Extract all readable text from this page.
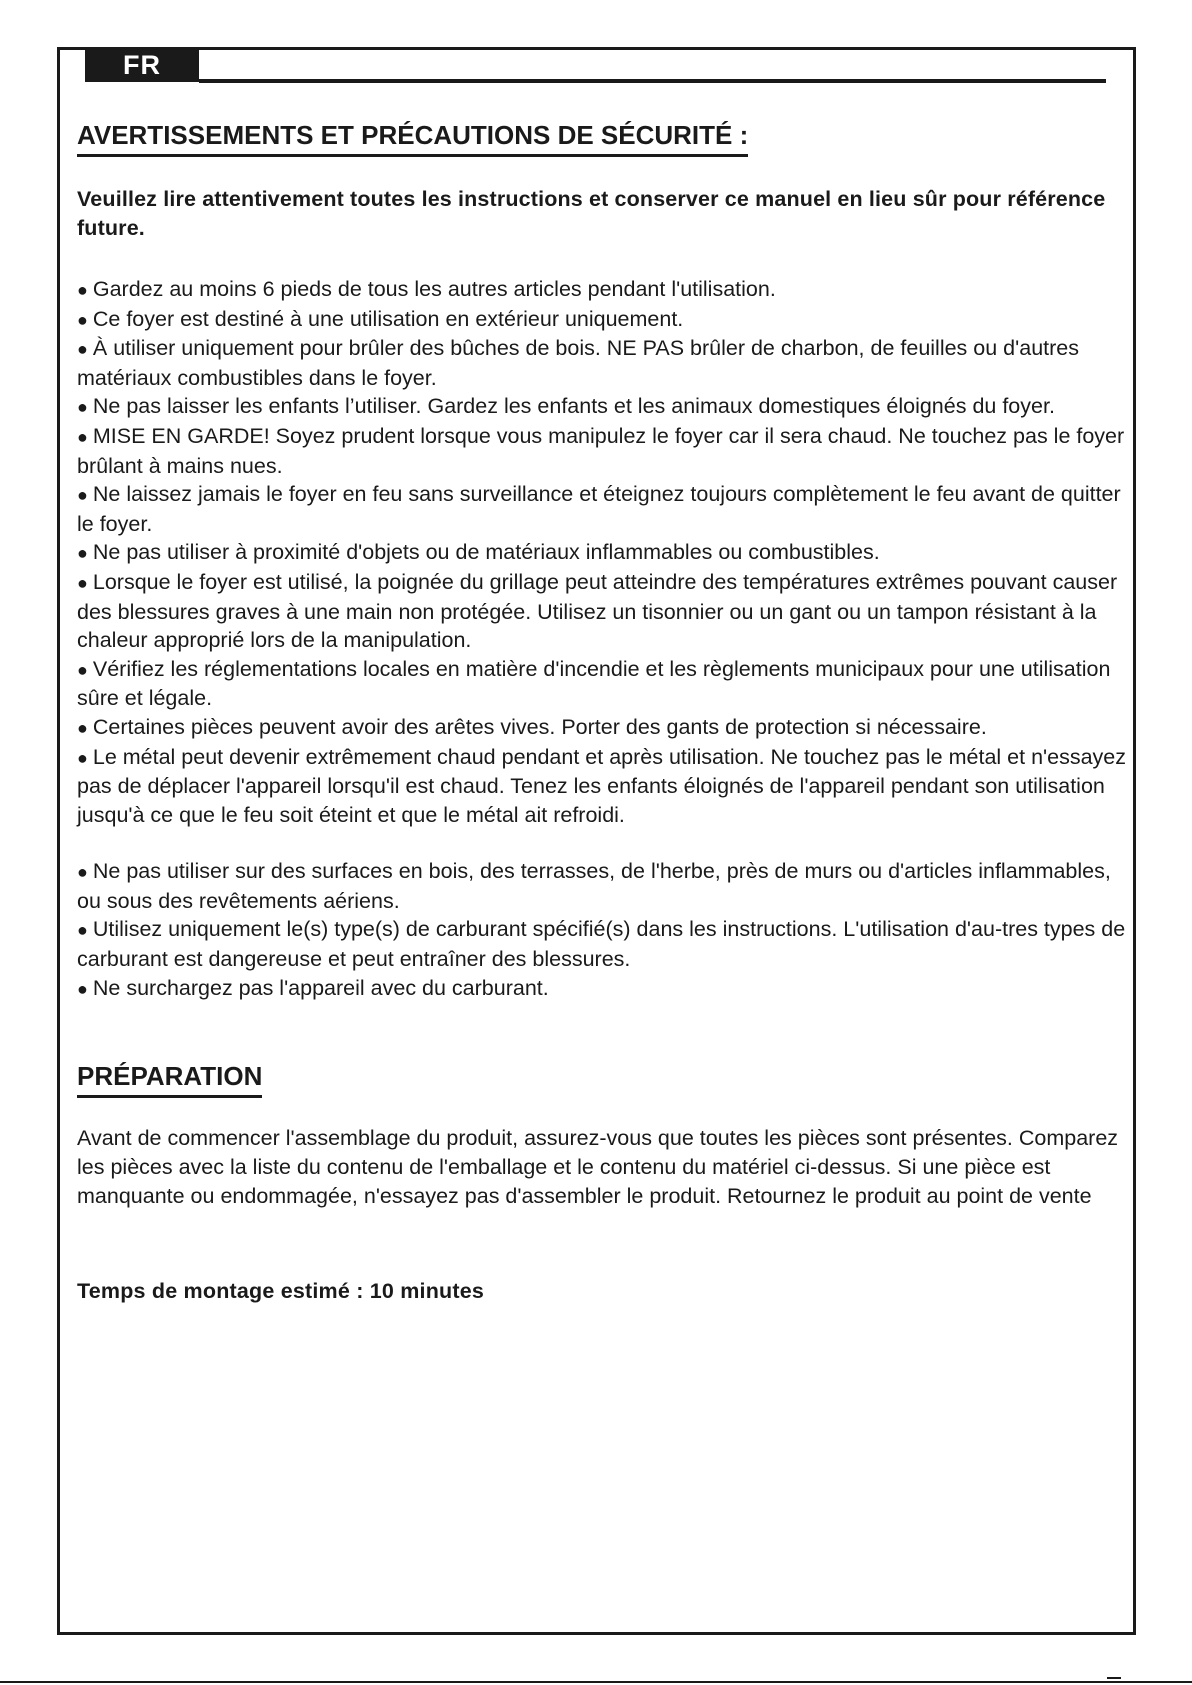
FR
AVERTISSEMENTS ET PRÉCAUTIONS DE SÉCURITÉ :

Veuillez lire attentivement toutes les instructions et conserver ce manuel en lieu sûr pour référence future.

● Gardez au moins 6 pieds de tous les autres articles pendant l'utilisation.
● Ce foyer est destiné à une utilisation en extérieur uniquement.
● À utiliser uniquement pour brûler des bûches de bois. NE PAS brûler de charbon, de feuilles ou d'autres matériaux combustibles dans le foyer.
● Ne pas laisser les enfants l’utiliser. Gardez les enfants et les animaux domestiques éloignés du foyer.
● MISE EN GARDE! Soyez prudent lorsque vous manipulez le foyer car il sera chaud. Ne touchez pas le foyer brûlant à mains nues.
● Ne laissez jamais le foyer en feu sans surveillance et éteignez toujours complètement le feu avant de quitter le foyer.
● Ne pas utiliser à proximité d'objets ou de matériaux inflammables ou combustibles.
● Lorsque le foyer est utilisé, la poignée du grillage peut atteindre des températures extrêmes pouvant causer des blessures graves à une main non protégée. Utilisez un tisonnier ou un gant ou un tampon résistant à la chaleur approprié lors de la manipulation.
● Vérifiez les réglementations locales en matière d'incendie et les règlements municipaux pour une utilisation sûre et légale.
● Certaines pièces peuvent avoir des arêtes vives. Porter des gants de protection si nécessaire.
● Le métal peut devenir extrêmement chaud pendant et après utilisation. Ne touchez pas le métal et n'essayez pas de déplacer l'appareil lorsqu'il est chaud. Tenez les enfants éloignés de l'appareil pendant son utilisation jusqu'à ce que le feu soit éteint et que le métal ait refroidi.
● Ne pas utiliser sur des surfaces en bois, des terrasses, de l'herbe, près de murs ou d'articles inflammables, ou sous des revêtements aériens.
● Utilisez uniquement le(s) type(s) de carburant spécifié(s) dans les instructions. L'utilisation d'au-tres types de carburant est dangereuse et peut entraîner des blessures.
● Ne surchargez pas l'appareil avec du carburant.
PRÉPARATION

Avant de commencer l'assemblage du produit, assurez-vous que toutes les pièces sont présentes. Comparez les pièces avec la liste du contenu de l'emballage et le contenu du matériel ci-dessus. Si une pièce est manquante ou endommagée, n'essayez pas d'assembler le produit. Retournez le produit au point de vente

Temps de montage estimé : 10 minutes
